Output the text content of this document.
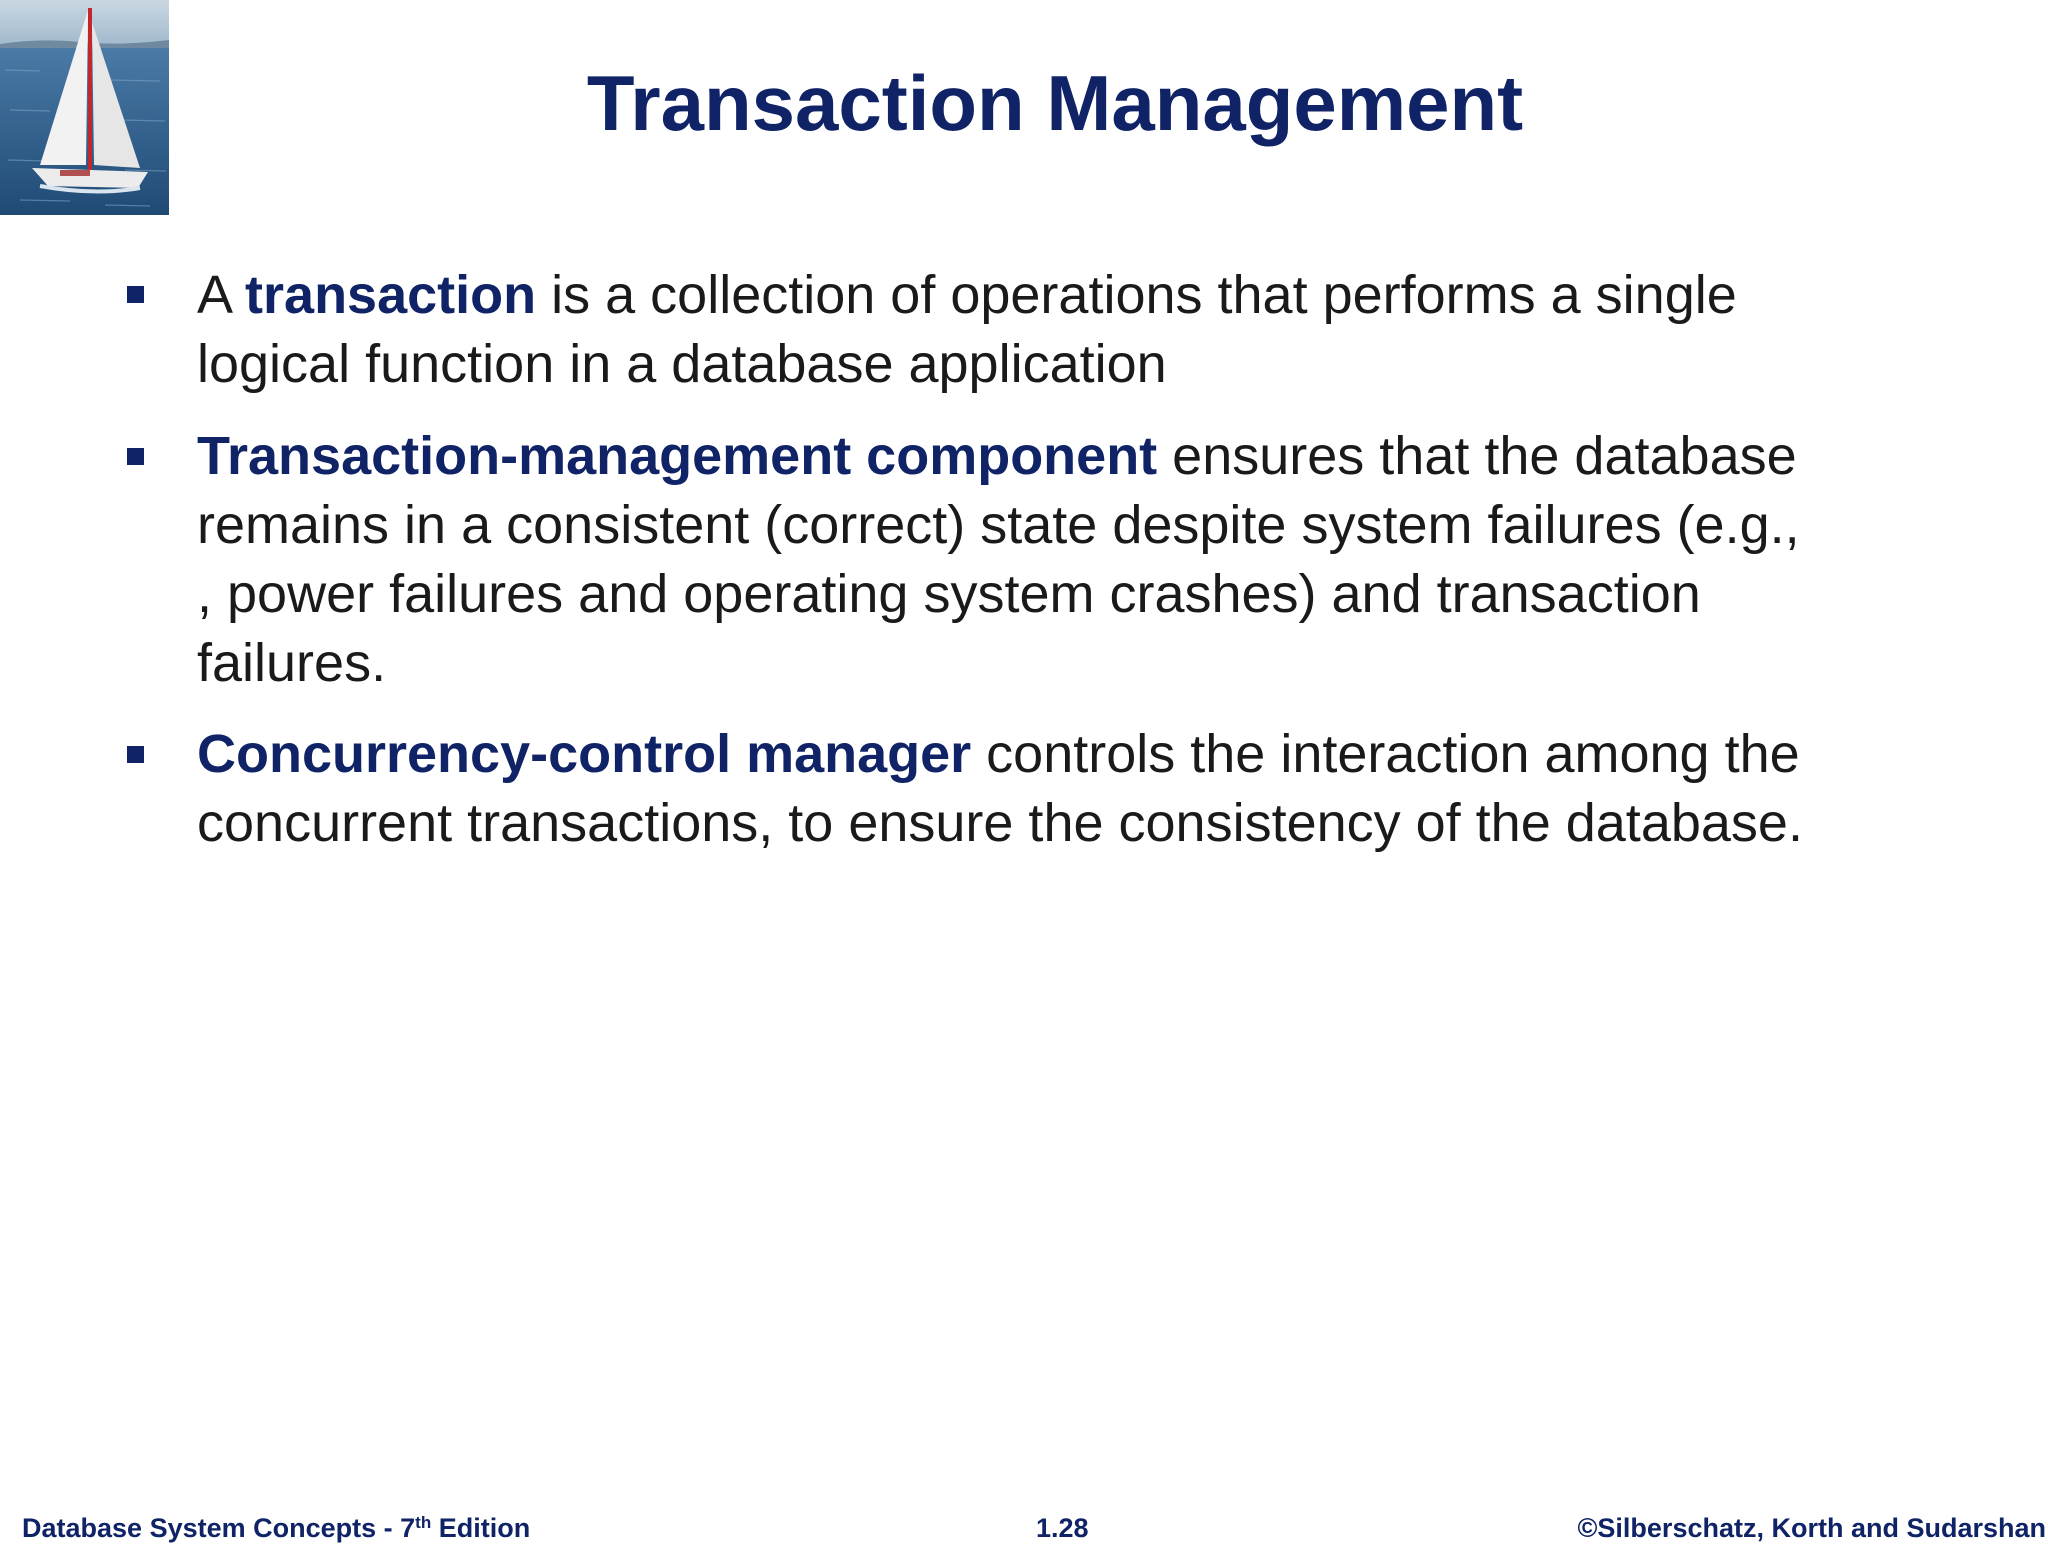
Transaction Management
A transaction is a collection of operations that performs a single
logical function in a database application
Transaction-management component ensures that the database
remains in a consistent (correct) state despite system failures (e.g.,
, power failures and operating system crashes) and transaction
failures.
Concurrency-control manager controls the interaction among the
concurrent transactions, to ensure the consistency of the database.
Database System Concepts - 7th Edition	1.28	©Silberschatz, Korth and Sudarshan
